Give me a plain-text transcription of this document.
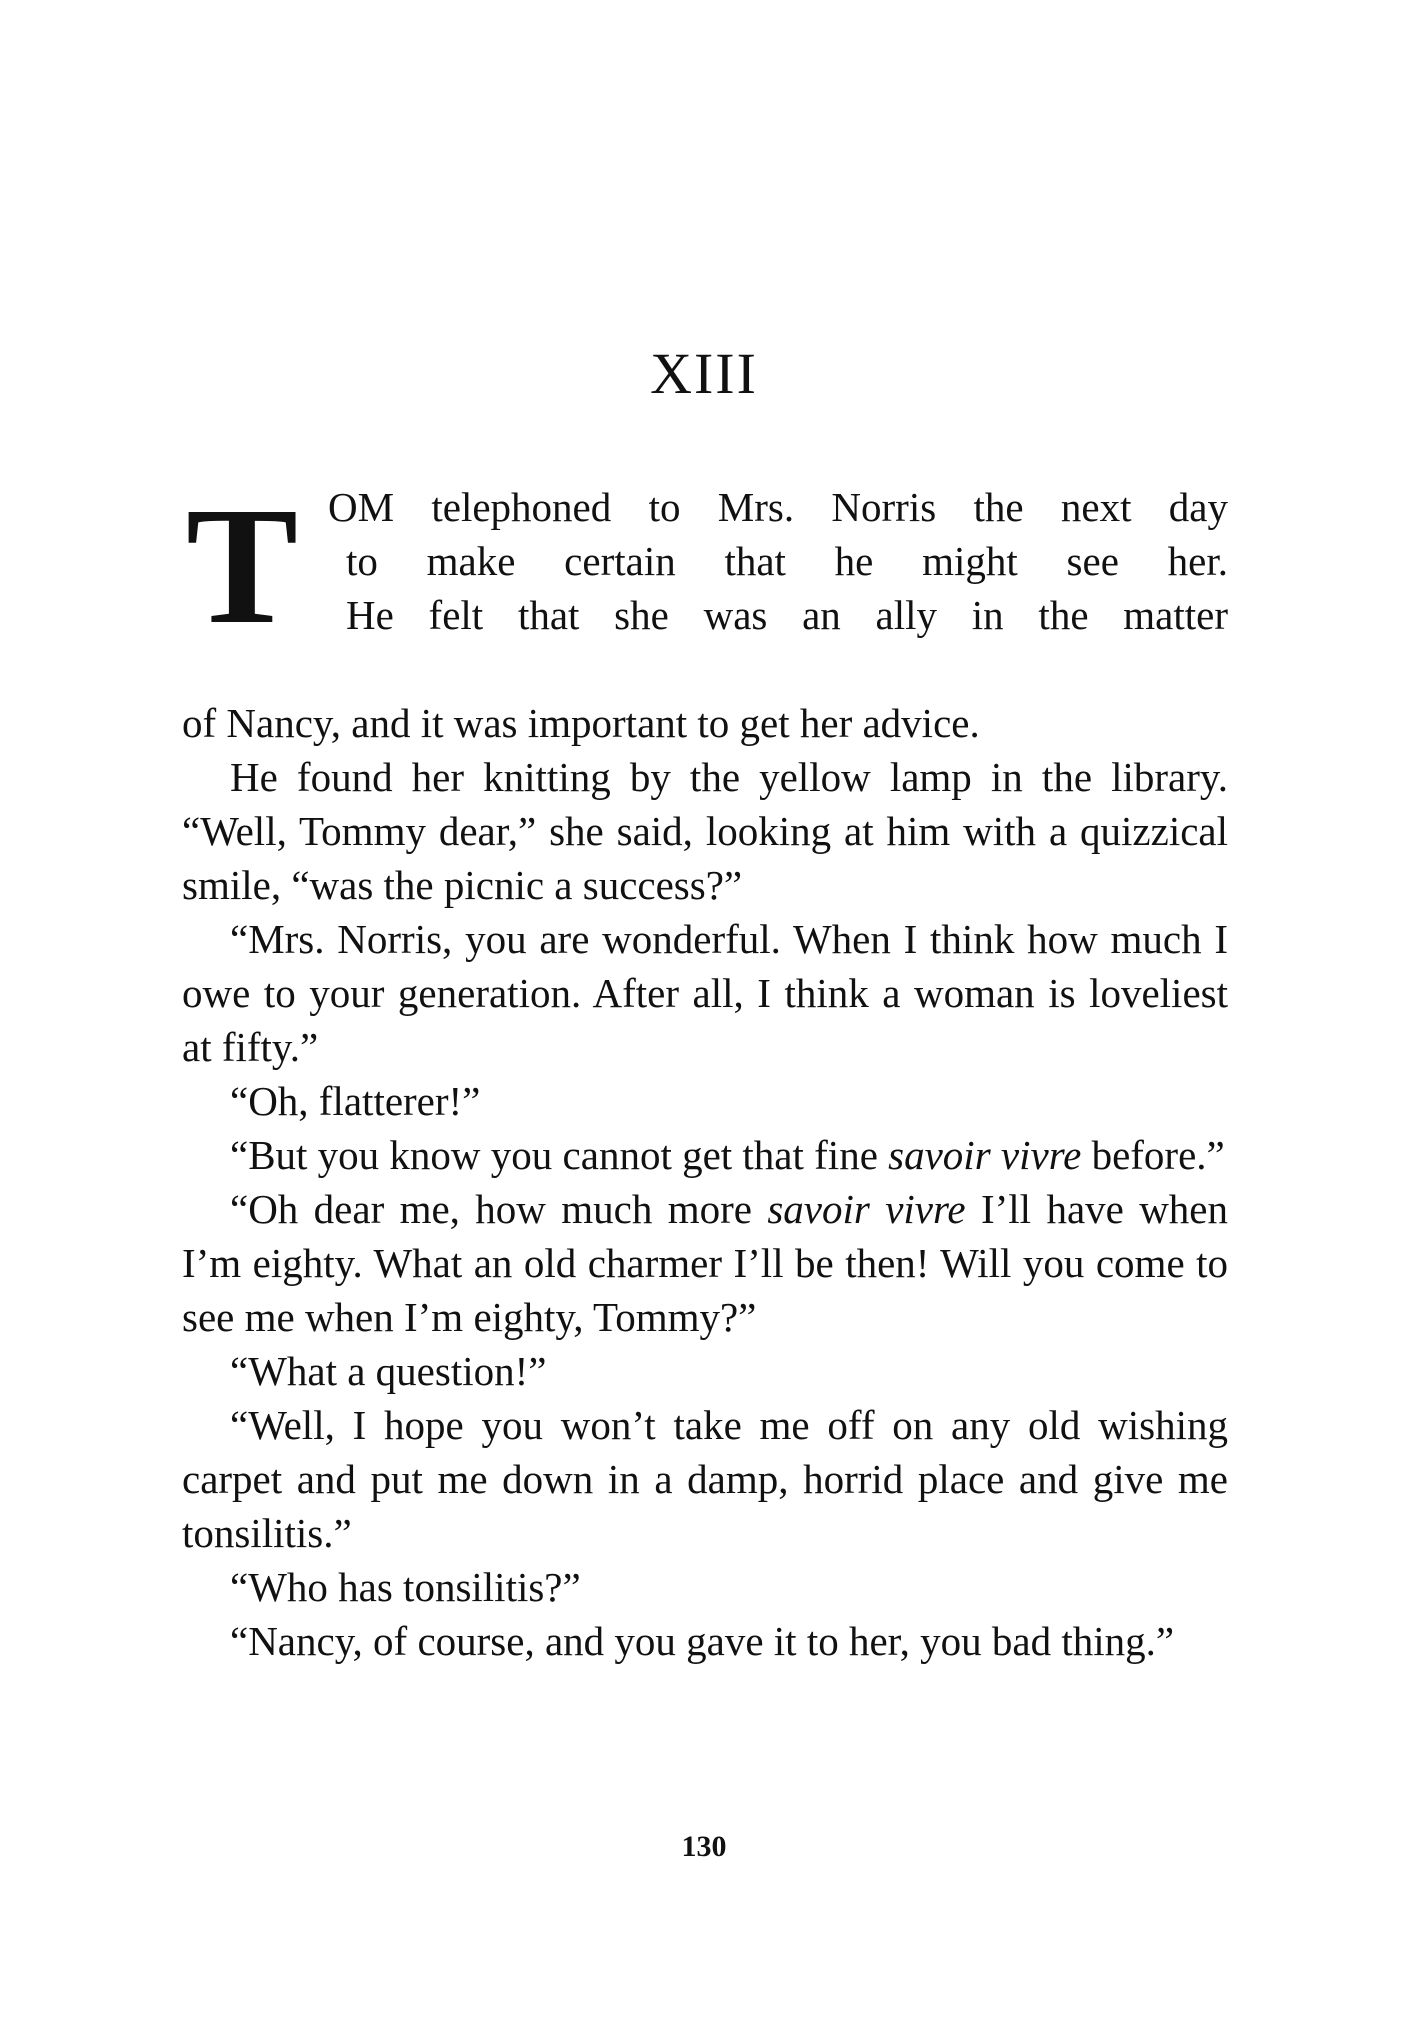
XIII
T OM telephoned to Mrs. Norris the next day
to make certain that he might see her.
He felt that she was an ally in the matter

of Nancy, and it was important to get her advice.

He found her knitting by the yellow lamp in the library. “Well, Tommy dear,” she said, looking at him with a quizzical smile, “was the picnic a success?”

“Mrs. Norris, you are wonderful. When I think how much I owe to your generation. After all, I think a woman is loveliest at fifty.”

“Oh, flatterer!”

“But you know you cannot get that fine savoir vivre before.”

“Oh dear me, how much more savoir vivre I’ll have when I’m eighty. What an old charmer I’ll be then! Will you come to see me when I’m eighty, Tommy?”

“What a question!”

“Well, I hope you won’t take me off on any old wishing carpet and put me down in a damp, horrid place and give me tonsilitis.”

“Who has tonsilitis?”

“Nancy, of course, and you gave it to her, you bad thing.”

130
